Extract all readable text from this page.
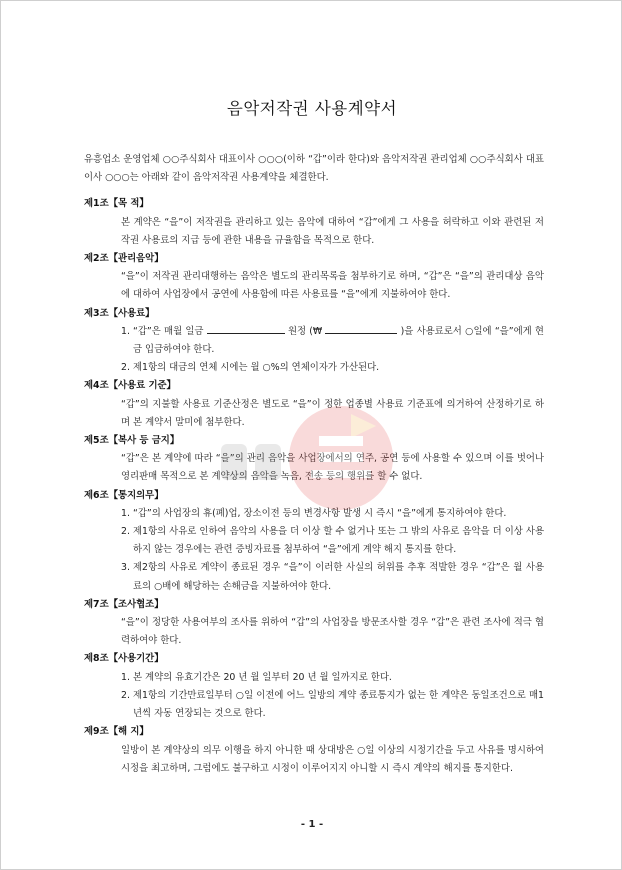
음악저작권 사용계약서
유흥업소 운영업체 ○○주식회사 대표이사 ○○○(이하 “갑”이라 한다)와 음악저작권 관리업체 ○○주식회사 대표이사 ○○○는 아래와 같이 음악저작권 사용계약을 체결한다.
제1조【목 적】
본 계약은 “을”이 저작권을 관리하고 있는 음악에 대하여 “갑”에게 그 사용을 허락하고 이와 관련된 저작권 사용료의 지급 등에 관한 내용을 규율함을 목적으로 한다.
제2조【관리음악】
“을”이 저작권 관리대행하는 음악은 별도의 관리목록을 첨부하기로 하며, “갑”은 “을”의 관리대상 음악에 대하여 사업장에서 공연에 사용함에 따른 사용료를 “을”에게 지불하여야 한다.
제3조【사용료】
1. “갑”은 매월 일금	원정 (₩	)을 사용료로서 ○일에 “을”에게 현금 입금하여야 한다.
2. 제1항의 대금의 연체 시에는 월 ○%의 연체이자가 가산된다.
제4조【사용료 기준】
“갑”의 지불할 사용료 기준산정은 별도로 “을”이 정한 업종별 사용료 기준표에 의거하여 산정하기로 하며 본 계약서 말미에 첨부한다.
제5조【복사 등 금지】
“갑”은 본 계약에 따라 “을”의 관리 음악을 사업장에서의 연주, 공연 등에 사용할 수 있으며 이를 벗어나 영리판매 목적으로 본 계약상의 음악을 녹음, 전송 등의 행위를 할 수 없다.
제6조【통지의무】
1. “갑”의 사업장의 휴(폐)업, 장소이전 등의 변경사항 발생 시 즉시 “을”에게 통지하여야 한다.
2. 제1항의 사유로 인하여 음악의 사용을 더 이상 할 수 없거나 또는 그 밖의 사유로 음악을 더 이상 사용하지 않는 경우에는 관련 증빙자료를 첨부하여 “을”에게 계약 해지 통지를 한다.
3. 제2항의 사유로 계약이 종료된 경우 “을”이 이러한 사실의 허위를 추후 적발한 경우 “갑”은 월 사용료의 ○배에 해당하는 손해금을 지불하여야 한다.
제7조【조사협조】
“을”이 정당한 사용여부의 조사를 위하여 “갑”의 사업장을 방문조사할 경우 “갑”은 관련 조사에 적극 협력하여야 한다.
제8조【사용기간】
1. 본 계약의 유효기간은 20 년 월 일부터 20 년 월 일까지로 한다.
2. 제1항의 기간만료일부터 ○일 이전에 어느 일방의 계약 종료통지가 없는 한 계약은 동일조건으로 매1년씩 자동 연장되는 것으로 한다.
제9조【해 지】
일방이 본 계약상의 의무 이행을 하지 아니한 때 상대방은 ○일 이상의 시정기간을 두고 사유를 명시하여 시정을 최고하며, 그럼에도 불구하고 시정이 이루어지지 아니할 시 즉시 계약의 해지를 통지한다.
- 1 -
